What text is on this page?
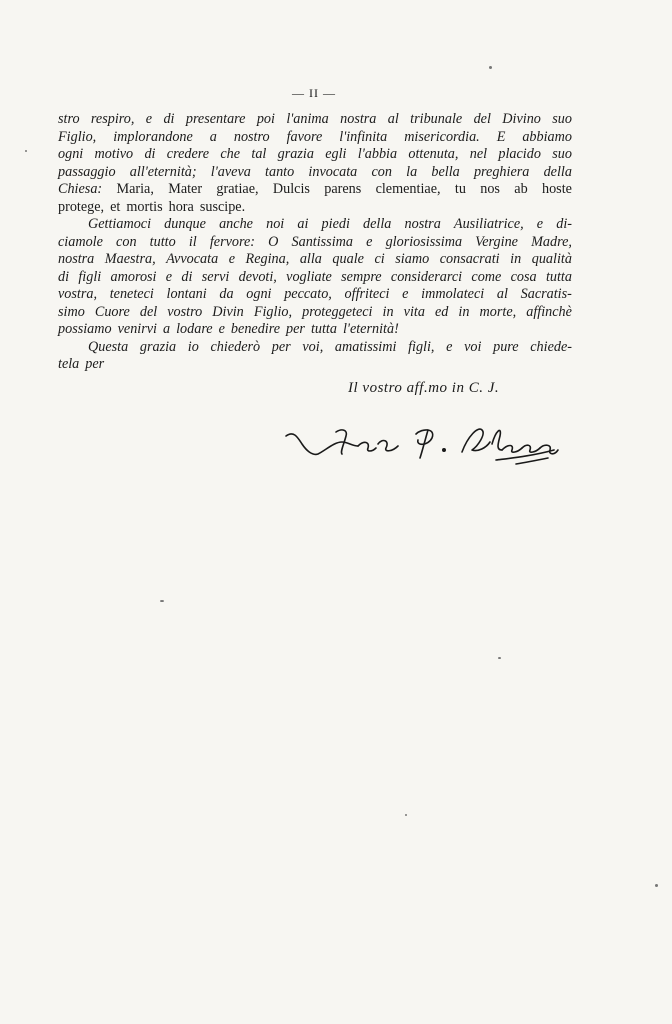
— II —
stro respiro, e di presentare poi l'anima nostra al tribunale del Divino suo
Figlio, implorandone a nostro favore l'infinita misericordia. E abbiamo
ogni motivo di credere che tal grazia egli l'abbia ottenuta, nel placido suo
passaggio all'eternità; l'aveva tanto invocata con la bella preghiera della
Chiesa: Maria, Mater gratiae, Dulcis parens clementiae, tu nos ab hoste
protege, et mortis hora suscipe.
Gettiamoci dunque anche noi ai piedi della nostra Ausiliatrice, e di-
ciamole con tutto il fervore: O Santissima e gloriosissima Vergine Madre,
nostra Maestra, Avvocata e Regina, alla quale ci siamo consacrati in qualità
di figli amorosi e di servi devoti, vogliate sempre considerarci come cosa tutta
vostra, teneteci lontani da ogni peccato, offriteci e immolateci al Sacratis-
simo Cuore del vostro Divin Figlio, proteggeteci in vita ed in morte, affinchè
possiamo venirvi a lodare e benedire per tutta l'eternità!
Questa grazia io chiederò per voi, amatissimi figli, e voi pure chiede-
tela per
Il vostro aff.mo in C. J.
